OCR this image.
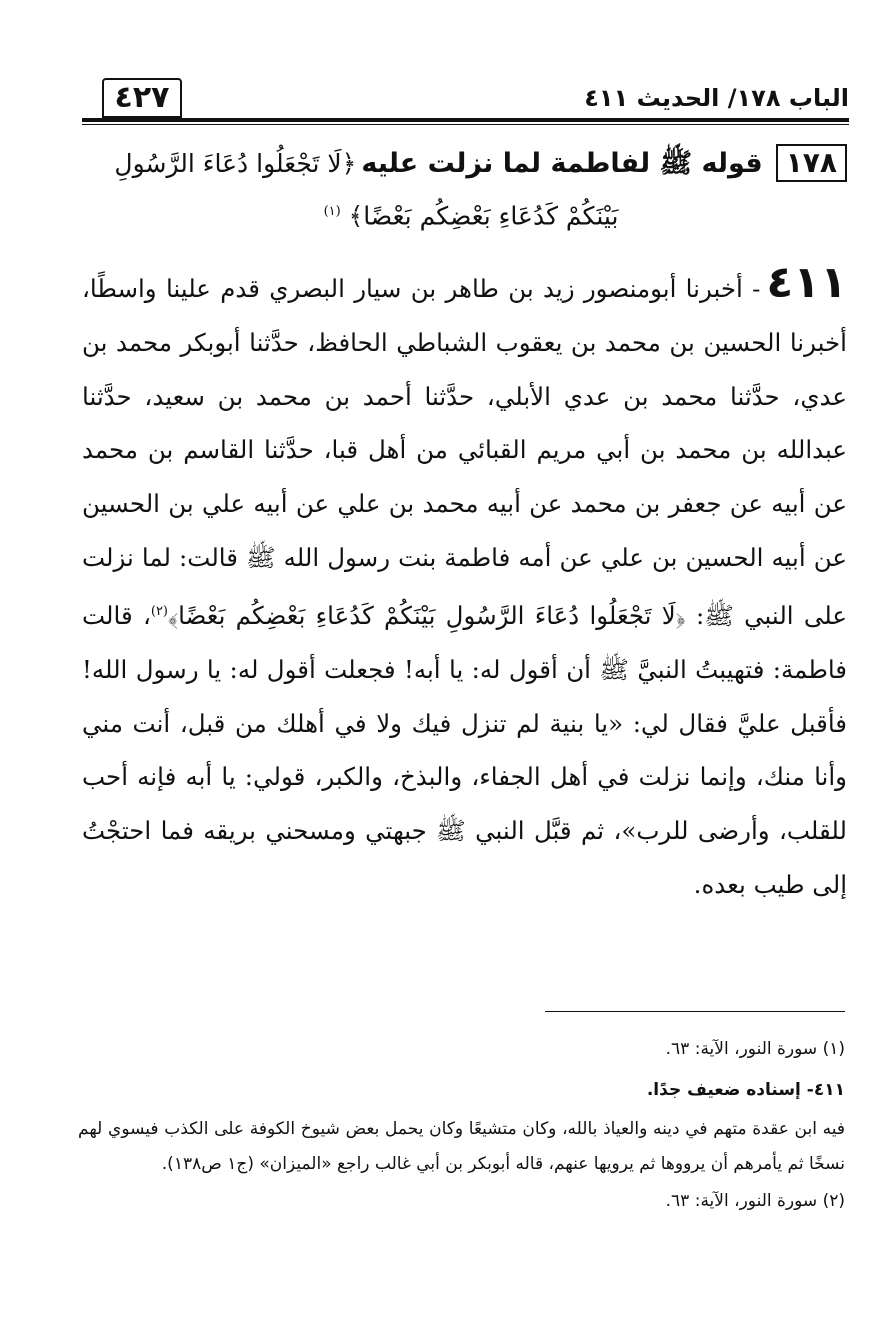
٤٢٧	الباب ١٧٨/ الحديث ٤١١
١٧٨ قوله ﷺ لفاطمة لما نزلت عليه ﴿لَا تَجْعَلُوا دُعَاءَ الرَّسُولِ
بَيْنَكُمْ كَدُعَاءِ بَعْضِكُم بَعْضًا﴾ $^{(١)}$
٤١١- أخبرنا أبومنصور زيد بن طاهر بن سيار البصري قدم علينا واسطًا، أخبرنا الحسين بن محمد بن يعقوب الشباطي الحافظ، حدَّثنا أبوبكر محمد بن عدي، حدَّثنا محمد بن عدي الأبلي، حدَّثنا أحمد بن محمد بن سعيد، حدَّثنا عبدالله بن محمد بن أبي مريم القبائي من أهل قبا، حدَّثنا القاسم بن محمد عن أبيه عن جعفر بن محمد عن أبيه محمد بن علي عن أبيه علي بن الحسين عن أبيه الحسين بن علي عن أمه فاطمة بنت رسول الله ﷺ قالت: لما نزلت على النبي ﷺ: ﴿لَا تَجْعَلُوا دُعَاءَ الرَّسُولِ بَيْنَكُمْ كَدُعَاءِ بَعْضِكُم بَعْضًا﴾$^{(٢)}$، قالت فاطمة: فتهيبتُ النبيَّ ﷺ أن أقول له: يا أبه! فجعلت أقول له: يا رسول الله! فأقبل عليَّ فقال لي: «يا بنية لم تنزل فيك ولا في أهلك من قبل، أنت مني وأنا منك، وإنما نزلت في أهل الجفاء، والبذخ، والكبر، قولي: يا أبه فإنه أحب للقلب، وأرضى للرب»، ثم قبَّل النبي ﷺ جبهتي ومسحني بريقه فما احتجْتُ إلى طيب بعده.
(١) سورة النور، الآية: ٦٣.
٤١١- إسناده ضعيف جدًا.
فيه ابن عقدة متهم في دينه والعياذ بالله، وكان متشيعًا وكان يحمل بعض شيوخ الكوفة على الكذب فيسوي لهم نسخًا ثم يأمرهم أن يرووها ثم يرويها عنهم، قاله أبوبكر بن أبي غالب راجع «الميزان» (ج١ ص١٣٨).
(٢) سورة النور، الآية: ٦٣.
